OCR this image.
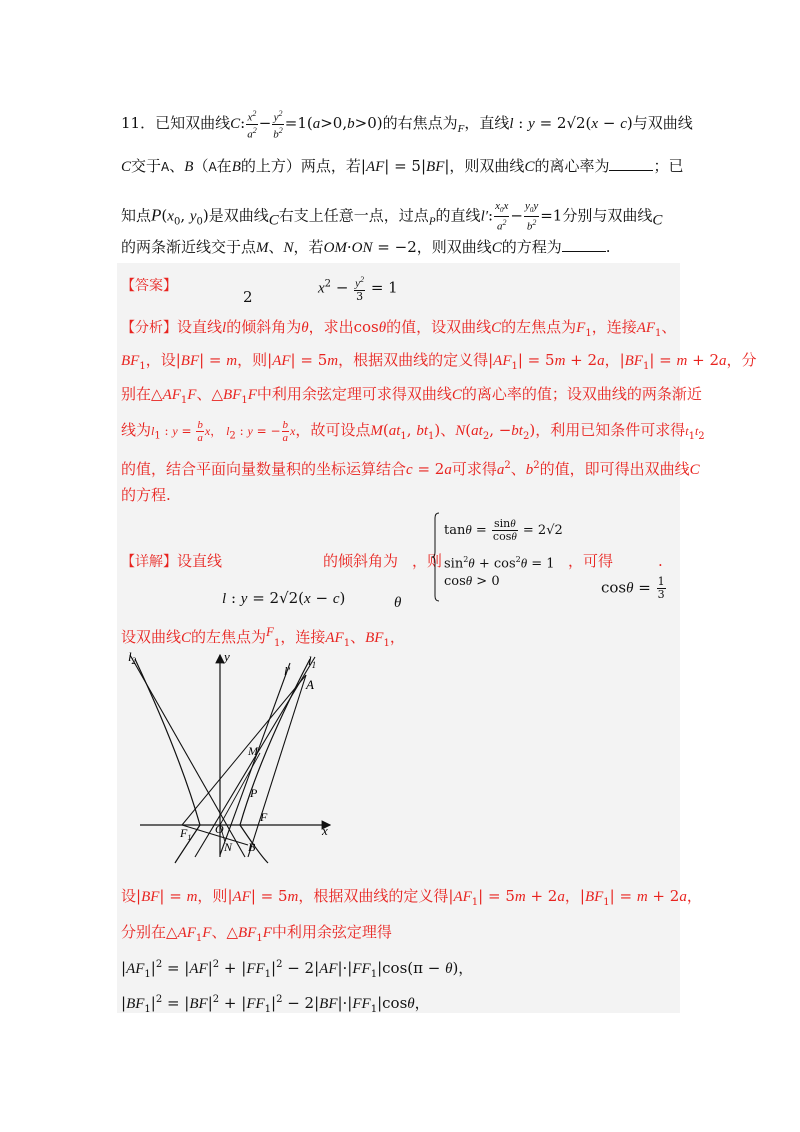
11．已知双曲线C: $\frac{x^2}{a^2} - \frac{y^2}{b^2} =1(a>0,b>0)$的右焦点为$_F$，直线l : y = 2√2(x − c)与双曲线
C交于A、B（A在B的上方）两点，若|AF| = 5|BF|，则双曲线C的离心率为	；已
知点$P(x_0$, $y_0$)是双曲线C右支上任意一点，过点$_P$的直线l′: $\frac{x_0x}{a^2} - \frac{y_0y}{b^2} =1$分别与双曲线C
的两条渐近线交于点M、N，若OM·ON = −2，则双曲线C的方程为	.
【答案】
2	$x^2 - \frac{y^2}{3} = 1$
【分析】设直线l的倾斜角为θ，求出cosθ的值，设双曲线C的左焦点为$F_1$，连接$AF_1$、
$BF_1$，设|BF| = m，则|AF| = 5m，根据双曲线的定义得$|AF_1| = 5m + 2a$，$|BF_1| = m + 2a$，分
别在$\triangle AF_1F$、$\triangle BF_1F$中利用余弦定理可求得双曲线C的离心率的值；设双曲线的两条渐近
线为$l_1$ : $y = \frac{b}{a}$ x， $l_2$ : y = − $\frac{b}{a}$ x，故可设点$M(at_1$, $bt_1$)、$N(at_2$, $-bt_2$)，利用已知条件可求得$t_1t_2$
的值，结合平面向量数量积的坐标运算结合c = 2a可求得$a^2$、$b^2$的值，即可得出双曲线C
的方程.
【详解】设直线	的倾斜角为 ，则	，可得	.
l : y = 2√2(x − c)	θ
$\tan\theta = \frac{\sin\theta}{\cos\theta} = 2√2$
$\sin^2\theta + \cos^2\theta = 1$
cosθ > 0	$\cos\theta = \frac{1}{3}$
设双曲线C的左焦点为$F_1$，连接$AF_1$、$BF_1$，
$l_2$	y
l′
$l_1$
A
M
P
O
F
$F_1$
N B
x
设|BF| = m，则|AF| = 5m，根据双曲线的定义得$|AF_1| = 5m + 2a$，$|BF_1| = m + 2a$，
分别在$\triangle AF_1F$、$\triangle BF_1F$中利用余弦定理得
$|AF_1|^2 = |AF|^2 + |FF_1|^2 - 2|AF|\cdot|FF_1|\cos(\pi - \theta)$，
$|BF_1|^2 = |BF|^2 + |FF_1|^2 - 2|BF|\cdot|FF_1|\cos\theta$，
